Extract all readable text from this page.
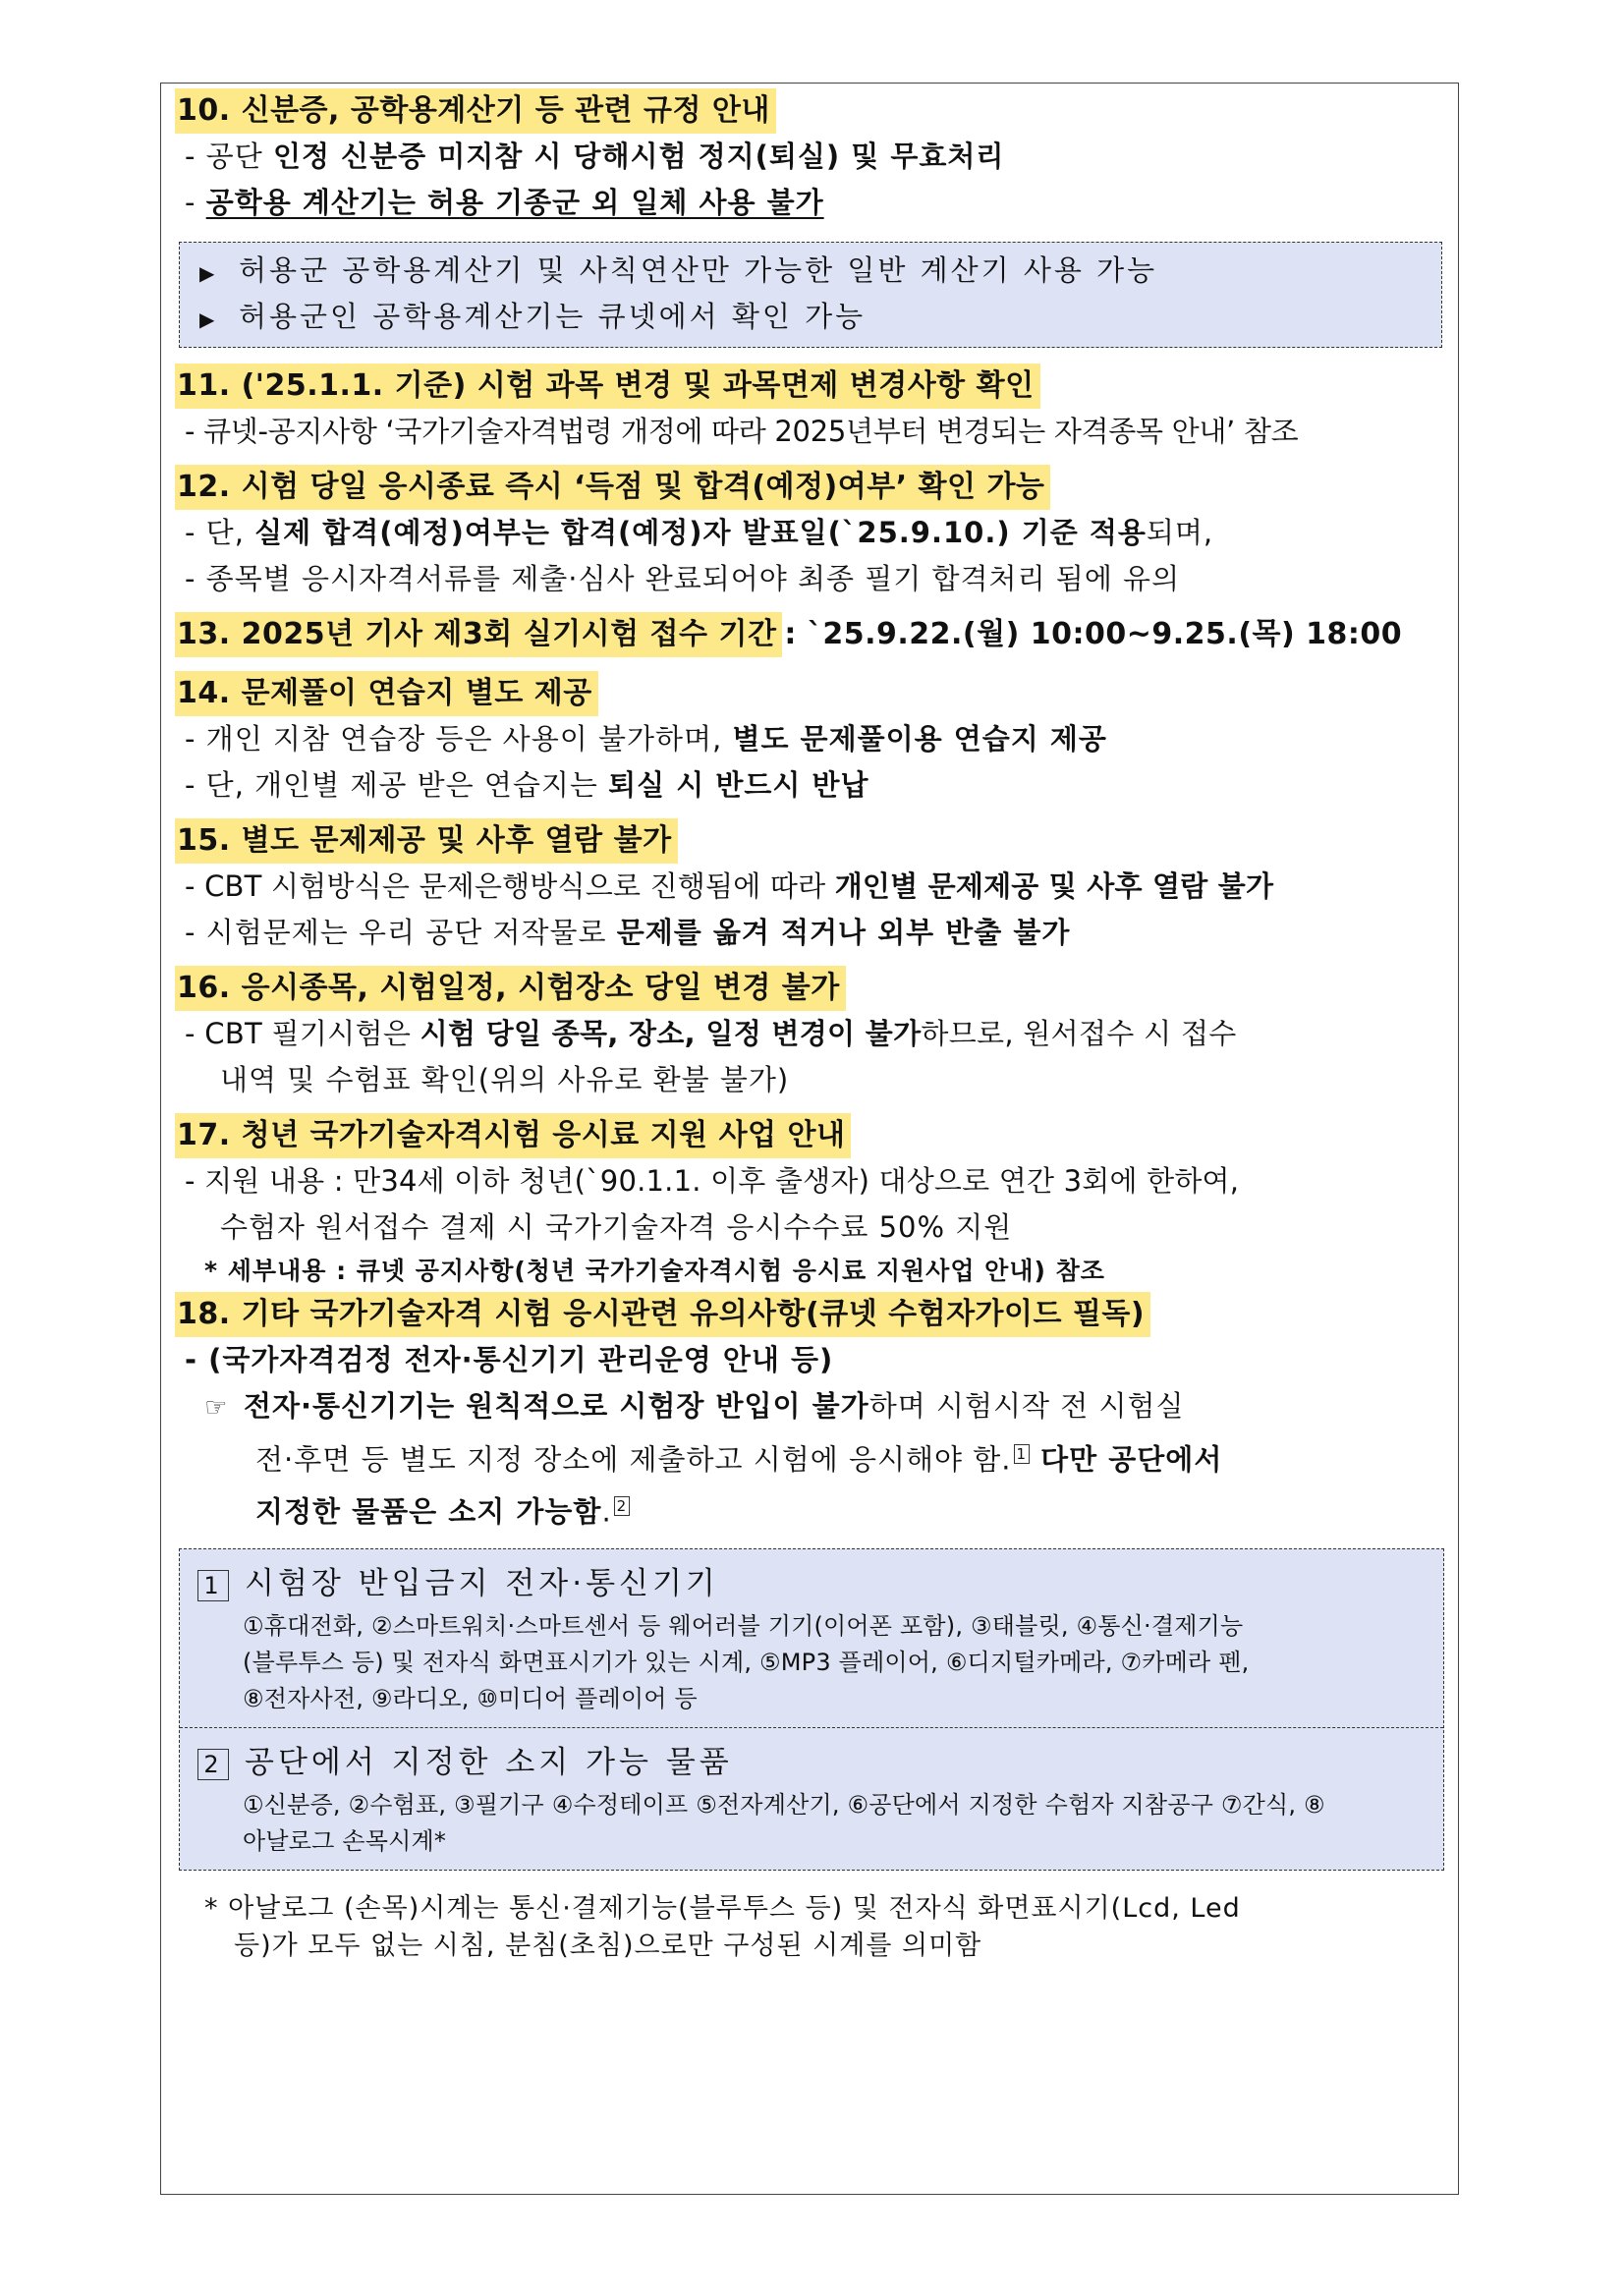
10. 신분증, 공학용계산기 등 관련 규정 안내
- 공단 인정 신분증 미지참 시 당해시험 정지(퇴실) 및 무효처리
- 공학용 계산기는 허용 기종군 외 일체 사용 불가
▶ 허용군 공학용계산기 및 사칙연산만 가능한 일반 계산기 사용 가능
▶ 허용군인 공학용계산기는 큐넷에서 확인 가능
11. ('25.1.1. 기준) 시험 과목 변경 및 과목면제 변경사항 확인
- 큐넷-공지사항 ‘국가기술자격법령 개정에 따라 2025년부터 변경되는 자격종목 안내’ 참조
12. 시험 당일 응시종료 즉시 ‘득점 및 합격(예정)여부’ 확인 가능
- 단, 실제 합격(예정)여부는 합격(예정)자 발표일(`25.9.10.) 기준 적용되며,
- 종목별 응시자격서류를 제출·심사 완료되어야 최종 필기 합격처리 됨에 유의
13. 2025년 기사 제3회 실기시험 접수 기간: `25.9.22.(월) 10:00~9.25.(목) 18:00
14. 문제풀이 연습지 별도 제공
- 개인 지참 연습장 등은 사용이 불가하며, 별도 문제풀이용 연습지 제공
- 단, 개인별 제공 받은 연습지는 퇴실 시 반드시 반납
15. 별도 문제제공 및 사후 열람 불가
- CBT 시험방식은 문제은행방식으로 진행됨에 따라 개인별 문제제공 및 사후 열람 불가
- 시험문제는 우리 공단 저작물로 문제를 옮겨 적거나 외부 반출 불가
16. 응시종목, 시험일정, 시험장소 당일 변경 불가
- CBT 필기시험은 시험 당일 종목, 장소, 일정 변경이 불가하므로, 원서접수 시 접수
내역 및 수험표 확인(위의 사유로 환불 불가)
17. 청년 국가기술자격시험 응시료 지원 사업 안내
- 지원 내용 : 만34세 이하 청년(`90.1.1. 이후 출생자) 대상으로 연간 3회에 한하여,
수험자 원서접수 결제 시 국가기술자격 응시수수료 50% 지원
* 세부내용 : 큐넷 공지사항(청년 국가기술자격시험 응시료 지원사업 안내) 참조
18. 기타 국가기술자격 시험 응시관련 유의사항(큐넷 수험자가이드 필독)
- (국가자격검정 전자·통신기기 관리운영 안내 등)
☞ 전자·통신기기는 원칙적으로 시험장 반입이 불가하며 시험시작 전 시험실
전·후면 등 별도 지정 장소에 제출하고 시험에 응시해야 함. $^1$ 다만 공단에서
지정한 물품은 소지 가능함. $^2$
1 시험장 반입금지 전자·통신기기
①휴대전화, ②스마트워치·스마트센서 등 웨어러블 기기(이어폰 포함), ③태블릿, ④통신·결제기능
(블루투스 등) 및 전자식 화면표시기가 있는 시계, ⑤MP3 플레이어, ⑥디지털카메라, ⑦카메라 펜,
⑧전자사전, ⑨라디오, ⑩미디어 플레이어 등
2 공단에서 지정한 소지 가능 물품
①신분증, ②수험표, ③필기구 ④수정테이프 ⑤전자계산기, ⑥공단에서 지정한 수험자 지참공구 ⑦간식, ⑧
아날로그 손목시계*
* 아날로그 (손목)시계는 통신·결제기능(블루투스 등) 및 전자식 화면표시기(Lcd, Led
등)가 모두 없는 시침, 분침(초침)으로만 구성된 시계를 의미함
